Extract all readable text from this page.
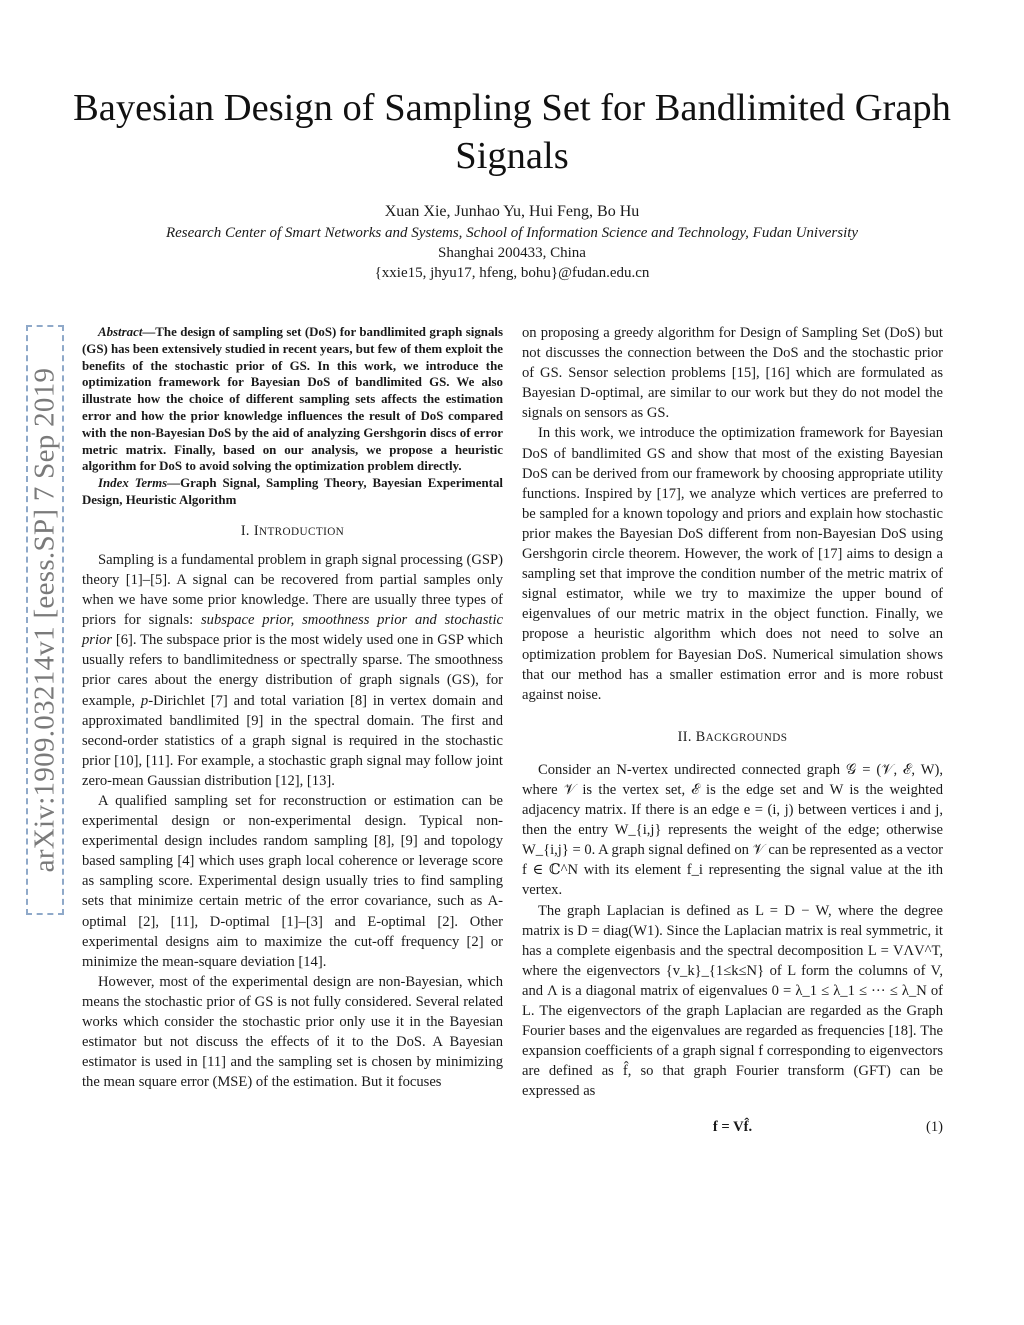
arXiv:1909.03214v1 [eess.SP] 7 Sep 2019
Bayesian Design of Sampling Set for Bandlimited Graph Signals
Xuan Xie, Junhao Yu, Hui Feng, Bo Hu
Research Center of Smart Networks and Systems, School of Information Science and Technology, Fudan University
Shanghai 200433, China
{xxie15, jhyu17, hfeng, bohu}@fudan.edu.cn

Abstract—The design of sampling set (DoS) for bandlimited graph signals (GS) has been extensively studied in recent years, but few of them exploit the benefits of the stochastic prior of GS. In this work, we introduce the optimization framework for Bayesian DoS of bandlimited GS. We also illustrate how the choice of different sampling sets affects the estimation error and how the prior knowledge influences the result of DoS compared with the non-Bayesian DoS by the aid of analyzing Gershgorin discs of error metric matrix. Finally, based on our analysis, we propose a heuristic algorithm for DoS to avoid solving the optimization problem directly.

Index Terms—Graph Signal, Sampling Theory, Bayesian Experimental Design, Heuristic Algorithm

I. INTRODUCTION

Sampling is a fundamental problem in graph signal processing (GSP) theory [1]–[5]. A signal can be recovered from partial samples only when we have some prior knowledge. There are usually three types of priors for signals: subspace prior, smoothness prior and stochastic prior [6]. The subspace prior is the most widely used one in GSP which usually refers to bandlimitedness or spectrally sparse. The smoothness prior cares about the energy distribution of graph signals (GS), for example, p-Dirichlet [7] and total variation [8] in vertex domain and approximated bandlimited [9] in the spectral domain. The first and second-order statistics of a graph signal is required in the stochastic prior [10], [11]. For example, a stochastic graph signal may follow joint zero-mean Gaussian distribution [12], [13].

A qualified sampling set for reconstruction or estimation can be experimental design or non-experimental design. Typical non-experimental design includes random sampling [8], [9] and topology based sampling [4] which uses graph local coherence or leverage score as sampling score. Experimental design usually tries to find sampling sets that minimize certain metric of the error covariance, such as A-optimal [2], [11], D-optimal [1]–[3] and E-optimal [2]. Other experimental designs aim to maximize the cut-off frequency [2] or minimize the mean-square deviation [14].

However, most of the experimental design are non-Bayesian, which means the stochastic prior of GS is not fully considered. Several related works which consider the stochastic prior only use it in the Bayesian estimator but not discuss the effects of it to the DoS. A Bayesian estimator is used in [11] and the sampling set is chosen by minimizing the mean square error (MSE) of the estimation. But it focuses

on proposing a greedy algorithm for Design of Sampling Set (DoS) but not discusses the connection between the DoS and the stochastic prior of GS. Sensor selection problems [15], [16] which are formulated as Bayesian D-optimal, are similar to our work but they do not model the signals on sensors as GS.

In this work, we introduce the optimization framework for Bayesian DoS of bandlimited GS and show that most of the existing Bayesian DoS can be derived from our framework by choosing appropriate utility functions. Inspired by [17], we analyze which vertices are preferred to be sampled for a known topology and priors and explain how stochastic prior makes the Bayesian DoS different from non-Bayesian DoS using Gershgorin circle theorem. However, the work of [17] aims to design a sampling set that improve the condition number of the metric matrix of signal estimator, while we try to maximize the upper bound of eigenvalues of our metric matrix in the object function. Finally, we propose a heuristic algorithm which does not need to solve an optimization problem for Bayesian DoS. Numerical simulation shows that our method has a smaller estimation error and is more robust against noise.

II. BACKGROUNDS

Consider an N-vertex undirected connected graph 𝒢 = (𝒱, ℰ, W), where 𝒱 is the vertex set, ℰ is the edge set and W is the weighted adjacency matrix. If there is an edge e = (i, j) between vertices i and j, then the entry W_{i,j} represents the weight of the edge; otherwise W_{i,j} = 0. A graph signal defined on 𝒱 can be represented as a vector f ∈ ℂ^N with its element f_i representing the signal value at the ith vertex.

The graph Laplacian is defined as L = D − W, where the degree matrix is D = diag(W1). Since the Laplacian matrix is real symmetric, it has a complete eigenbasis and the spectral decomposition L = VΛV^T, where the eigenvectors {v_k}_{1≤k≤N} of L form the columns of V, and Λ is a diagonal matrix of eigenvalues 0 = λ_1 ≤ λ_1 ≤ ··· ≤ λ_N of L. The eigenvectors of the graph Laplacian are regarded as the Graph Fourier bases and the eigenvalues are regarded as frequencies [18]. The expansion coefficients of a graph signal f corresponding to eigenvectors are defined as f̂, so that graph Fourier transform (GFT) can be expressed as

f = Vf̂.	(1)
